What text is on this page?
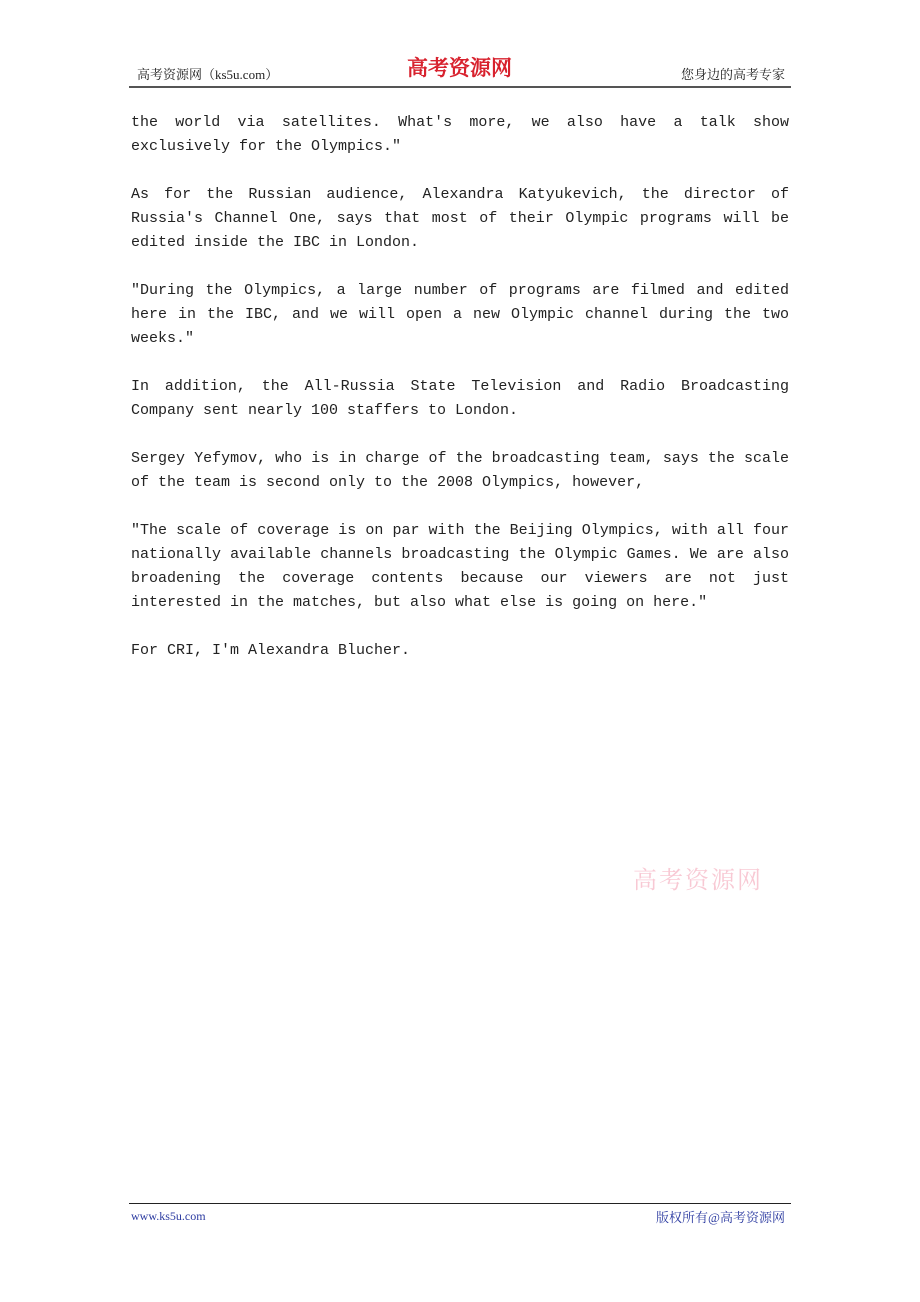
高考资源网（ks5u.com）	高考资源网	您身边的高考专家

the world via satellites. What's more, we also have a talk show exclusively for the Olympics."

As for the Russian audience, Alexandra Katyukevich, the director of Russia's Channel One, says that most of their Olympic programs will be edited inside the IBC in London.

"During the Olympics, a large number of programs are filmed and edited here in the IBC, and we will open a new Olympic channel during the two weeks."

In addition, the All-Russia State Television and Radio Broadcasting Company sent nearly 100 staffers to London.

Sergey Yefymov, who is in charge of the broadcasting team, says the scale of the team is second only to the 2008 Olympics, however,

"The scale of coverage is on par with the Beijing Olympics, with all four nationally available channels broadcasting the Olympic Games. We are also broadening the coverage contents because our viewers are not just interested in the matches, but also what else is going on here."

For CRI, I'm Alexandra Blucher.

高考资源网
www.ks5u.com	版权所有@高考资源网
